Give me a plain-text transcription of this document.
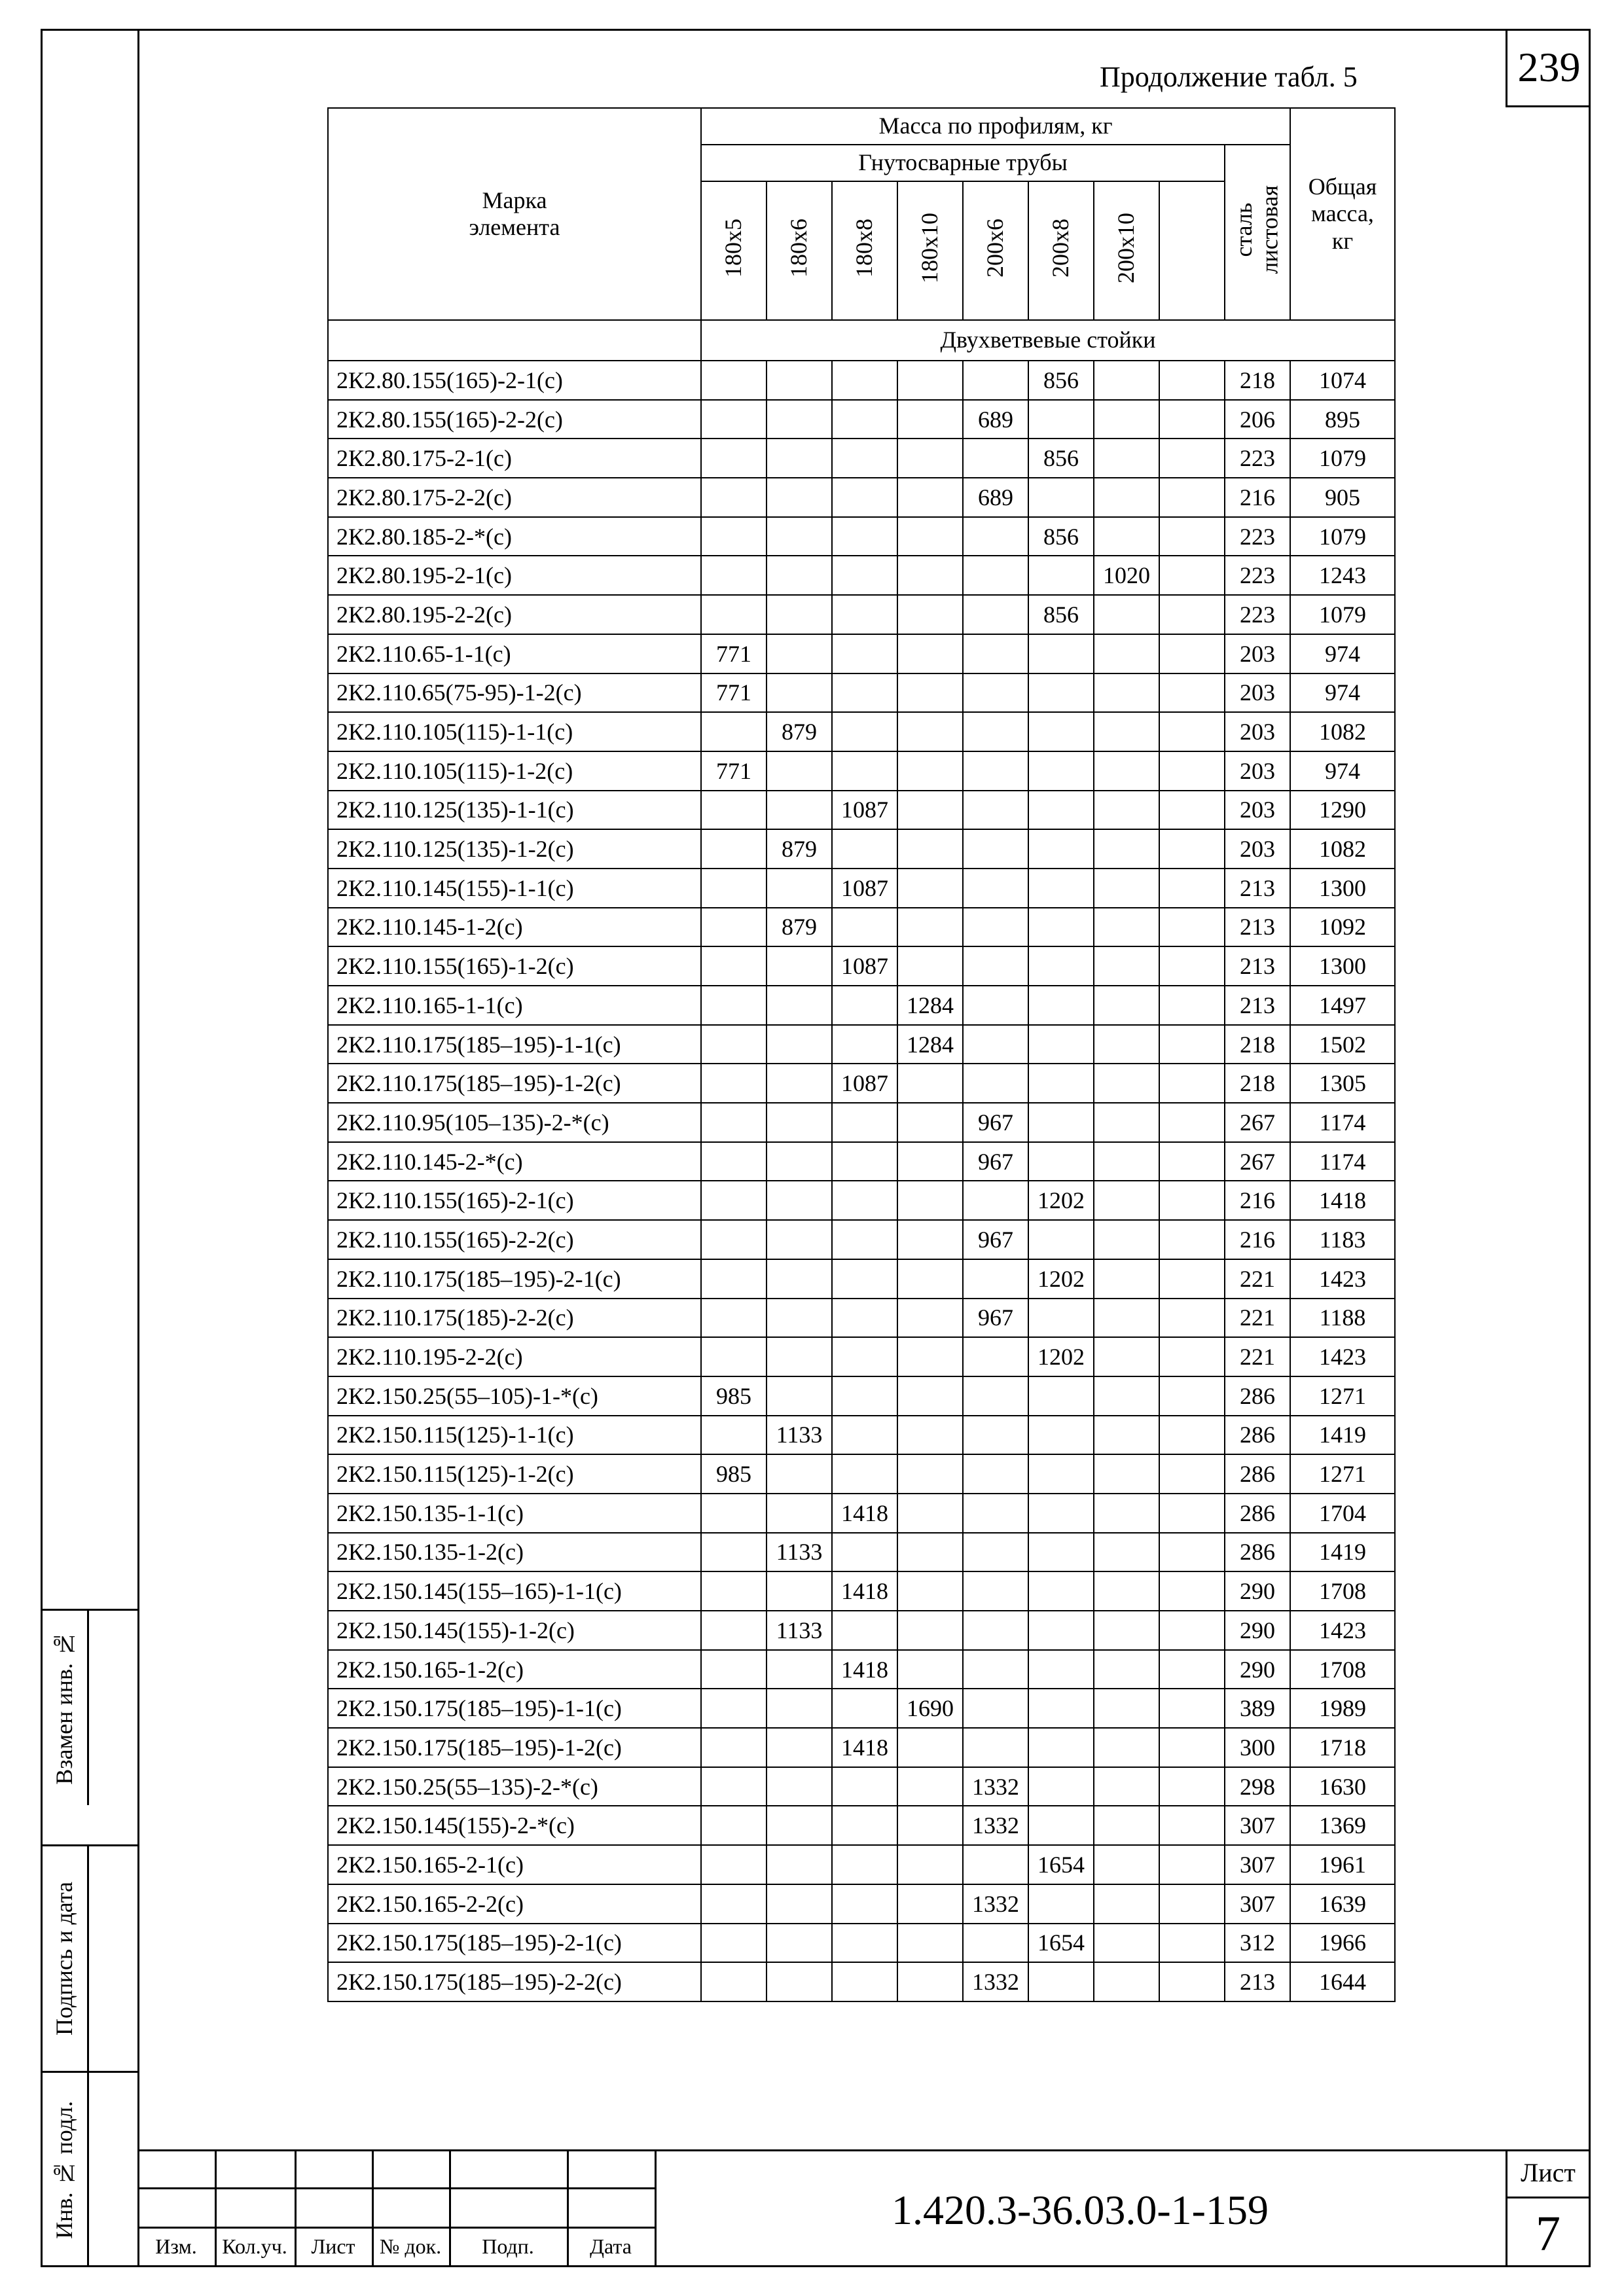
239
Продолжение табл. 5
Марка
элемента	Масса по профилям, кг									Общая
масса,
кг
	Гнутосварные трубы								сталь
листовая	
	180x5	180x6	180x8	180x10	200x6	200x8	200x10			
	Двухветвевые стойки									
2К2.80.155(165)-2-1(с)						856			218	1074
2К2.80.155(165)-2-2(с)					689				206	895
2К2.80.175-2-1(с)						856			223	1079
2К2.80.175-2-2(с)					689				216	905
2К2.80.185-2-*(с)						856			223	1079
2К2.80.195-2-1(с)							1020		223	1243
2К2.80.195-2-2(с)						856			223	1079
2К2.110.65-1-1(с)	771								203	974
2К2.110.65(75-95)-1-2(с)	771								203	974
2К2.110.105(115)-1-1(с)		879							203	1082
2К2.110.105(115)-1-2(с)	771								203	974
2К2.110.125(135)-1-1(с)			1087						203	1290
2К2.110.125(135)-1-2(с)		879							203	1082
2К2.110.145(155)-1-1(с)			1087						213	1300
2К2.110.145-1-2(с)		879							213	1092
2К2.110.155(165)-1-2(с)			1087						213	1300
2К2.110.165-1-1(с)				1284					213	1497
2К2.110.175(185–195)-1-1(с)				1284					218	1502
2К2.110.175(185–195)-1-2(с)			1087						218	1305
2К2.110.95(105–135)-2-*(с)					967				267	1174
2К2.110.145-2-*(с)					967				267	1174
2К2.110.155(165)-2-1(с)						1202			216	1418
2К2.110.155(165)-2-2(с)					967				216	1183
2К2.110.175(185–195)-2-1(с)						1202			221	1423
2К2.110.175(185)-2-2(с)					967				221	1188
2К2.110.195-2-2(с)						1202			221	1423
2К2.150.25(55–105)-1-*(с)	985								286	1271
2К2.150.115(125)-1-1(с)		1133							286	1419
2К2.150.115(125)-1-2(с)	985								286	1271
2К2.150.135-1-1(с)			1418						286	1704
2К2.150.135-1-2(с)		1133							286	1419
2К2.150.145(155–165)-1-1(с)			1418						290	1708
2К2.150.145(155)-1-2(с)		1133							290	1423
2К2.150.165-1-2(с)			1418						290	1708
2К2.150.175(185–195)-1-1(с)				1690					389	1989
2К2.150.175(185–195)-1-2(с)			1418						300	1718
2К2.150.25(55–135)-2-*(с)					1332				298	1630
2К2.150.145(155)-2-*(с)					1332				307	1369
2К2.150.165-2-1(с)						1654			307	1961
2К2.150.165-2-2(с)					1332				307	1639
2К2.150.175(185–195)-2-1(с)						1654			312	1966
2К2.150.175(185–195)-2-2(с)					1332				213	1644
Взамен инв. №
Подпись и дата
Инв. № подл.
Изм.	Кол.уч.	Лист	№ док.	Подп.	Дата
1.420.3-36.03.0-1-159
Лист
7
